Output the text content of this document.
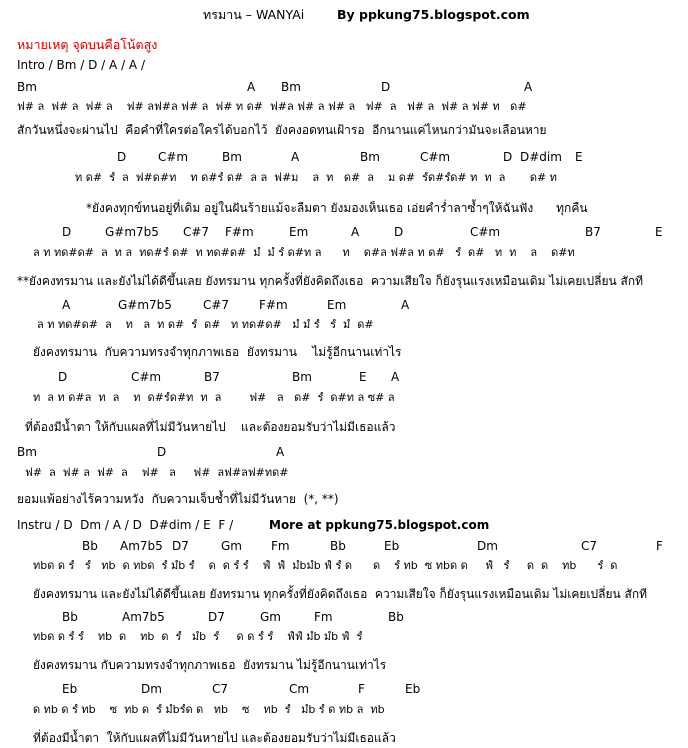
ทรมาน – WANYAi	By ppkung75.blogspot.com
หมายเหตุ จุดบนคือโน้ตสูง
Intro / Bm / D / A / A /
Bm	A Bm	D	A
ฟ# ล  ฟ# ล  ฟ# ล    ฟ# ลฟ#ล ฟ# ล  ฟ# ท ด#  ฟ#ล ฟ# ล ฟ# ล   ฟ#  ล   ฟ# ล  ฟ# ล ฟ# ท   ด#
สักวันหนึ่งจะผ่านไป  คือคำที่ใครต่อใครได้บอกไว้  ยังคงอดทนเฝ้ารอ  อีกนานแค่ไหนกว่ามันจะเลือนหาย
D	C#m	Bm	A	Bm	C#m	D D#dim E
ท ด#  รํ  ล  ฟ#ด#ท    ท ด#รํ ด#  ล ล  ฟ#ม    ล  ท   ด#  ล    ม ด#  รํด#รํด# ท  ท  ล       ด# ท
*ยังคงทุกข์ทนอยู่ที่เดิม อยู่ในฝันร้ายแม้จะลืมตา ยังมองเห็นเธอ เอ่ยคำร่ำลาซ้ำๆให้ฉันฟัง      ทุกคืน
D	G#m7b5 C#7 F#m	Em	A	D	C#m	B7	E
ล ท ทด#ด#  ล  ท ล  ทด#รํ ด#  ท ทด#ด#  มํ  มํ รํ ด#ท ล      ท    ด#ล ฟ#ล ท ด#   รํ  ด#   ท  ท    ล    ด#ท
**ยังคงทรมาน และยังไม่ได้ดีขึ้นเลย ยังทรมาน ทุกครั้งที่ยังคิดถึงเธอ  ความเสียใจ ก็ยังรุนแรงเหมือนเดิม ไม่เคยเปลี่ยน สักที
A	G#m7b5	C#7 F#m	Em	A
ล ท ทด#ด#  ล    ท   ล  ท ด#  รํ  ด#   ท ทด#ด#   มํ มํ รํ   รํ  มํ  ด#
ยังคงทรมาน  กับความทรงจำทุกภาพเธอ  ยังทรมาน    ไม่รู้อีกนานเท่าไร
D	C#m	B7	Bm	E A
ท  ล ท ด#ล  ท  ล    ท  ด#รํด#ท  ท  ล        ฟ#   ล   ด#  รํ  ด#ท ล ซ# ล
ที่ต้องมีน้ำตา ให้กับแผลที่ไม่มีวันหายไป    และต้องยอมรับว่าไม่มีเธอแล้ว
Bm	D	A
ฟ#  ล  ฟ# ล  ฟ#  ล    ฟ#   ล     ฟ#  ลฟ#ลฟ#ทด#
ยอมแพ้อย่างไร้ความหวัง  กับความเจ็บช้ำที่ไม่มีวันหาย  (*, **)
Instru / D  Dm / A / D  D#dim / E  F /	More at ppkung75.blogspot.com
Bb Am7b5 D7	Gm Fm	Bb	Eb	Dm	C7	F
ทbด ด รํ   รํ   ทb  ด ทbด  รํ มํb รํ    ด  ด รํ รํ    ฟํ  ฟํ  มํbมํb ฟํ รํ ด      ด    รํ ทb  ซ ทbด ด     ฟํ   รํ     ด  ด    ทb      รํ  ด
ยังคงทรมาน และยังไม่ได้ดีขึ้นเลย ยังทรมาน ทุกครั้งที่ยังคิดถึงเธอ  ความเสียใจ ก็ยังรุนแรงเหมือนเดิม ไม่เคยเปลี่ยน สักที
Bb	Am7b5	D7	Gm	Fm	Bb
ทbด ด รํ รํ    ทb  ด    ทb  ด  รํ   มํb  รํ     ด ด รํ รํ    ฟํฟํ มํb มํb ฟํ  รํ
ยังคงทรมาน กับความทรงจำทุกภาพเธอ  ยังทรมาน ไม่รู้อีกนานเท่าไร
Eb	Dm	C7	Cm	F	Eb
ด ทb ด รํ ทb    ซ  ทb ด  รํ มํbรํด ด   ทb    ซ    ทb  รํ   มํb รํ ด ทb ล  ทb
ที่ต้องมีน้ำตา  ให้กับแผลที่ไม่มีวันหายไป และต้องยอมรับว่าไม่มีเธอแล้ว
